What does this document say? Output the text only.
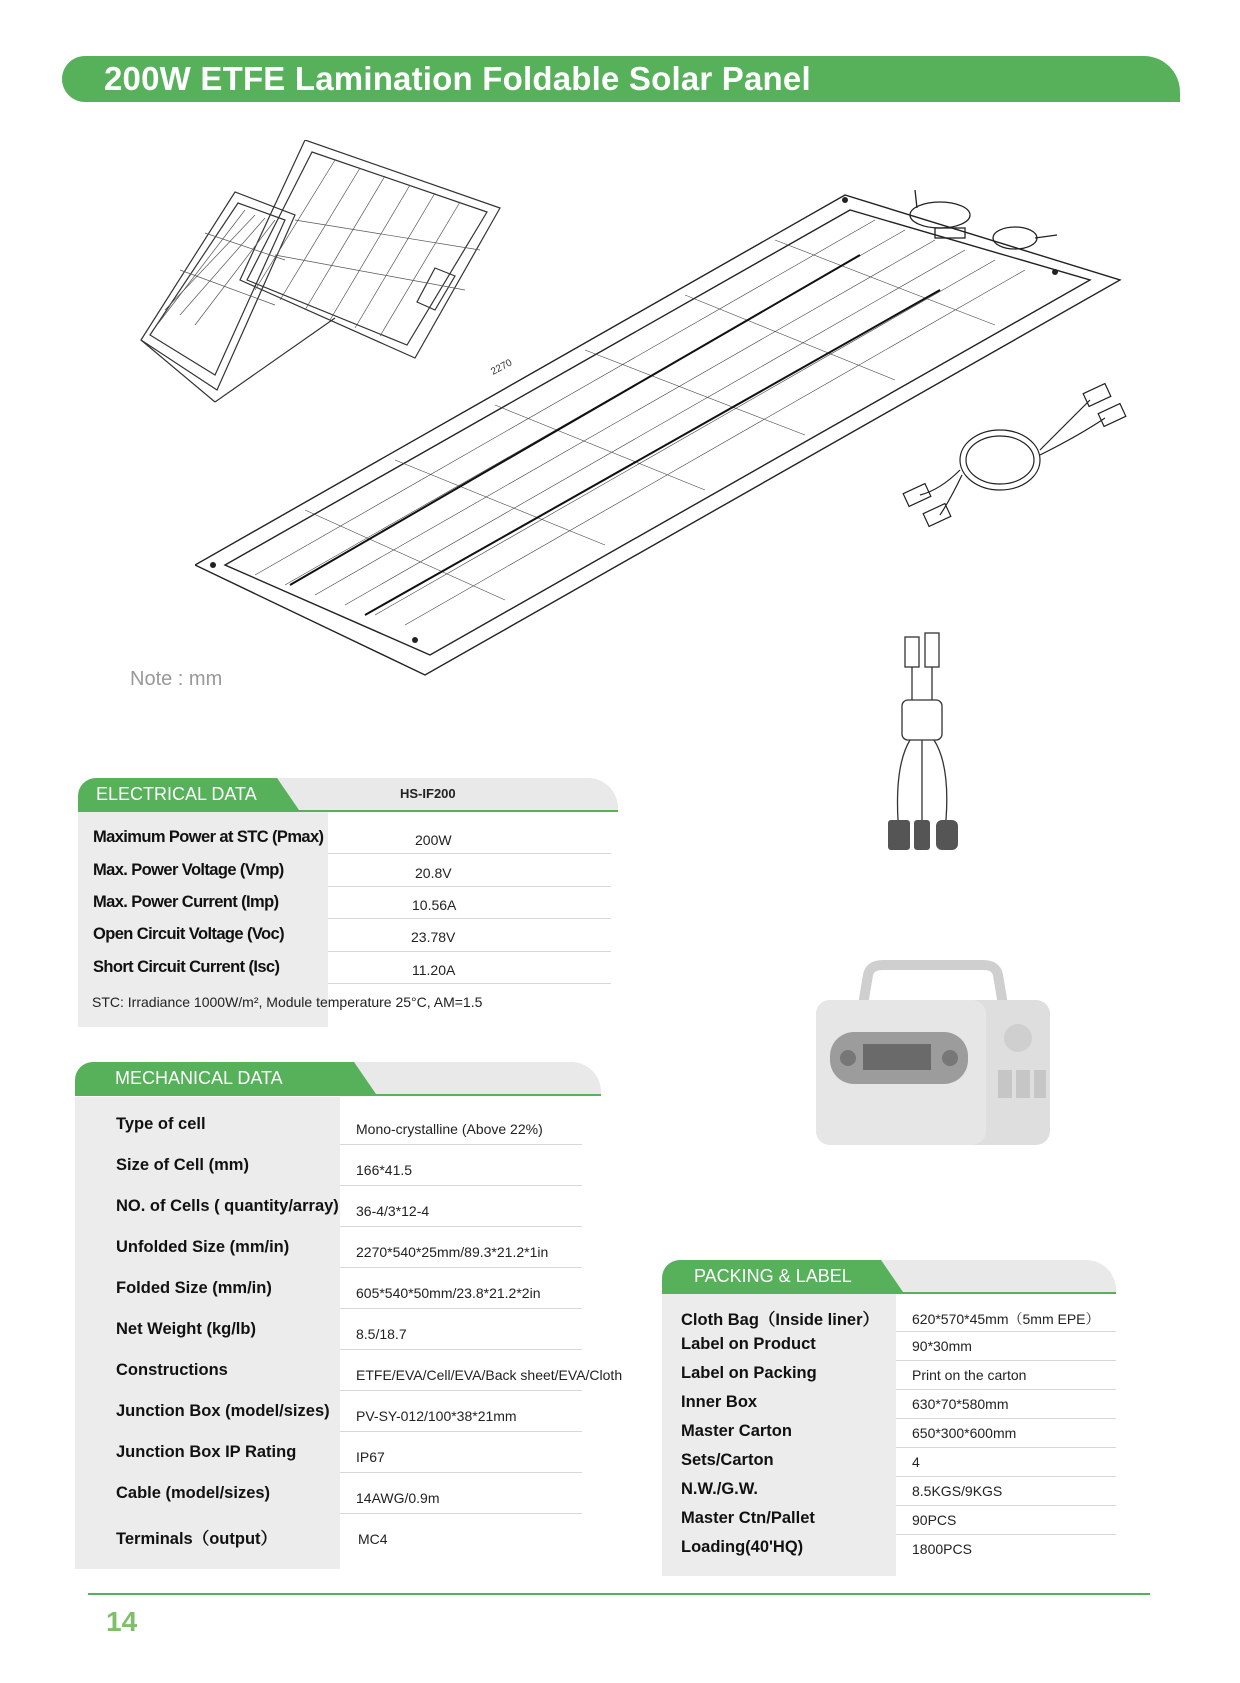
200W ETFE Lamination Foldable Solar Panel
2270
Note : mm
ELECTRICAL DATA	HS-IF200
Maximum Power at STC (Pmax)	200W
Max. Power Voltage (Vmp)	20.8V
Max. Power Current (Imp)	10.56A
Open Circuit Voltage (Voc)	23.78V
Short Circuit Current (Isc)	11.20A
STC: Irradiance 1000W/m², Module temperature 25°C, AM=1.5
MECHANICAL DATA
Type of cell	Mono-crystalline (Above 22%)
Size of Cell (mm)	166*41.5
NO. of Cells ( quantity/array) 36-4/3*12-4
Unfolded Size (mm/in)	2270*540*25mm/89.3*21.2*1in
Folded Size (mm/in)	605*540*50mm/23.8*21.2*2in
Net Weight (kg/lb)	8.5/18.7
Constructions	ETFE/EVA/Cell/EVA/Back sheet/EVA/Cloth
Junction Box (model/sizes) PV-SY-012/100*38*21mm
Junction Box IP Rating	IP67
Cable (model/sizes)	14AWG/0.9m
Terminals（output）	MC4
PACKING & LABEL
Cloth Bag（Inside liner） 620*570*45mm（5mm EPE）
Label on Product	90*30mm
Label on Packing	Print on the carton
Inner Box	630*70*580mm
Master Carton	650*300*600mm
Sets/Carton	4
N.W./G.W.	8.5KGS/9KGS
Master Ctn/Pallet	90PCS
Loading(40'HQ)	1800PCS
14
